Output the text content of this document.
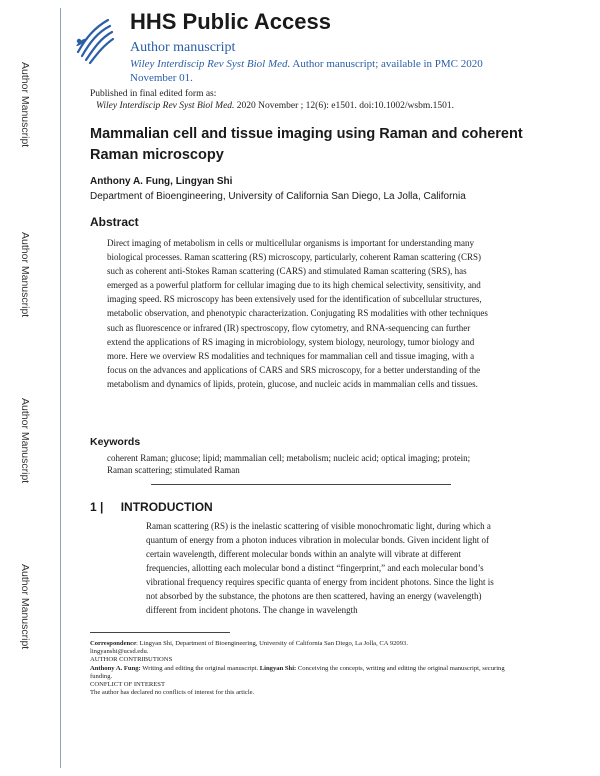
Author Manuscript
Author Manuscript
Author Manuscript
Author Manuscript
HHS Public Access
Author manuscript
Wiley Interdiscip Rev Syst Biol Med. Author manuscript; available in PMC 2020 November 01.
Published in final edited form as:
Wiley Interdiscip Rev Syst Biol Med. 2020 November ; 12(6): e1501. doi:10.1002/wsbm.1501.
Mammalian cell and tissue imaging using Raman and coherent Raman microscopy
Anthony A. Fung, Lingyan Shi
Department of Bioengineering, University of California San Diego, La Jolla, California
Abstract
Direct imaging of metabolism in cells or multicellular organisms is important for understanding many biological processes. Raman scattering (RS) microscopy, particularly, coherent Raman scattering (CRS) such as coherent anti-Stokes Raman scattering (CARS) and stimulated Raman scattering (SRS), has emerged as a powerful platform for cellular imaging due to its high chemical selectivity, sensitivity, and imaging speed. RS microscopy has been extensively used for the identification of subcellular structures, metabolic observation, and phenotypic characterization. Conjugating RS modalities with other techniques such as fluorescence or infrared (IR) spectroscopy, flow cytometry, and RNA-sequencing can further extend the applications of RS imaging in microbiology, system biology, neurology, tumor biology and more. Here we overview RS modalities and techniques for mammalian cell and tissue imaging, with a focus on the advances and applications of CARS and SRS microscopy, for a better understanding of the metabolism and dynamics of lipids, protein, glucose, and nucleic acids in mammalian cells and tissues.
Keywords
coherent Raman; glucose; lipid; mammalian cell; metabolism; nucleic acid; optical imaging; protein; Raman scattering; stimulated Raman
1 | INTRODUCTION
Raman scattering (RS) is the inelastic scattering of visible monochromatic light, during which a quantum of energy from a photon induces vibration in molecular bonds. Given incident light of certain wavelength, different molecular bonds within an analyte will vibrate at different frequencies, allotting each molecular bond a distinct “fingerprint,” and each molecular bond’s vibrational frequency requires specific quanta of energy from incident photons. Since the light is not absorbed by the substance, the photons are then scattered, having an energy (wavelength) different from incident photons. The change in wavelength
Correspondence: Lingyan Shi, Department of Bioengineering, University of California San Diego, La Jolla, CA 92093.
lingyanshi@ucsd.edu.
AUTHOR CONTRIBUTIONS
Anthony A. Fung: Writing and editing the original manuscript. Lingyan Shi: Conceiving the concepts, writing and editing the original manuscript, securing funding.
CONFLICT OF INTEREST
The author has declared no conflicts of interest for this article.
